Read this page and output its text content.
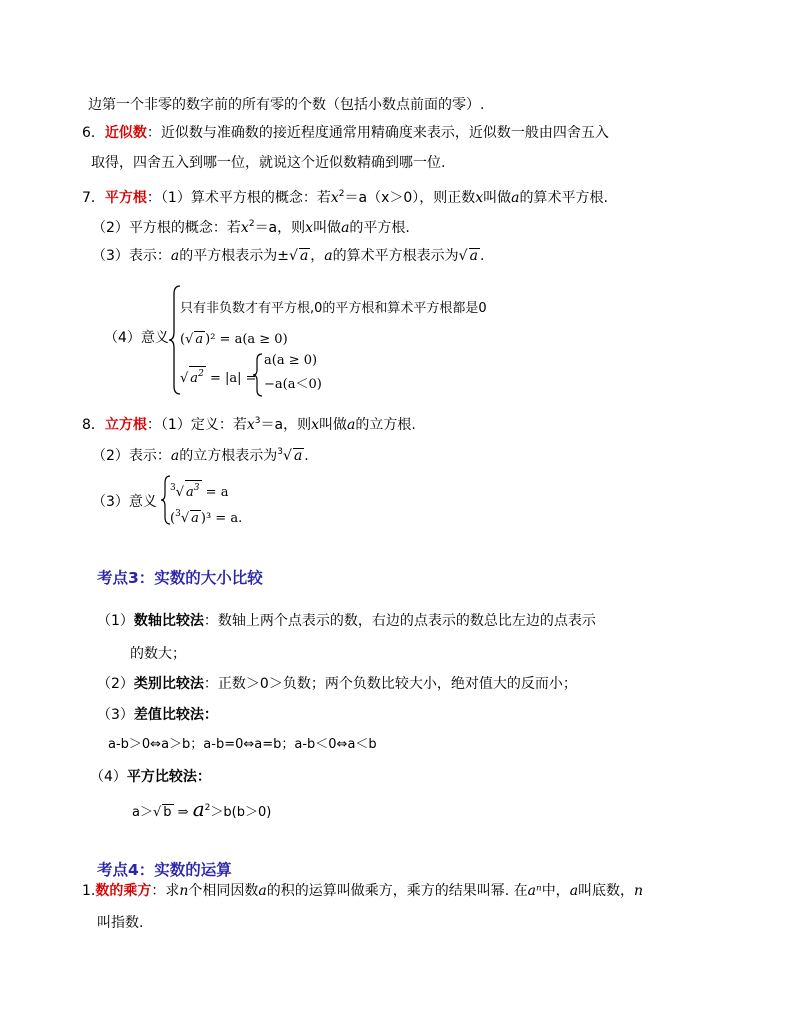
边第一个非零的数字前的所有零的个数（包括小数点前面的零）.
6．近似数：近似数与准确数的接近程度通常用精确度来表示，近似数一般由四舍五入
取得，四舍五入到哪一位，就说这个近似数精确到哪一位.
7．平方根：（1）算术平方根的概念：若$x^2=a(x>0)$，则正数x叫做a的算术平方根.
（2）平方根的概念：若$x^2=a$，则x叫做a的平方根.
（3）表示：a的平方根表示为±√ a ，a的算术平方根表示为√ a .
（4）意义
只有非负数才有平方根,0的平方根和算术平方根都是0
(√ a )² = a(a ≥ 0)
√ $a^2 = |a|$ =
a(a ≥ 0)
−a(a＜0)
8．立方根：（1）定义：若$x^3=a$，则x叫做a的立方根.
（2）表示：a的立方根表示为$^3$√ a .
（3）意义
$^3$√ $a^3 = a$
($^3$√ a )³ = a.
考点3：实数的大小比较
（1）数轴比较法：数轴上两个点表示的数，右边的点表示的数总比左边的点表示
的数大；
（2）类别比较法：正数＞0＞负数；两个负数比较大小，绝对值大的反而小；
（3）差值比较法：
a-b＞0⇔a＞b；a-b=0⇔a=b；a-b＜0⇔a＜b
（4）平方比较法：
a＞√ b ⇒ $a^2>b(b>0)$
考点4：实数的运算
1.数的乘方：求n个相同因数a的积的运算叫做乘方，乘方的结果叫幂. 在aⁿ中，a叫底数，n
叫指数.
